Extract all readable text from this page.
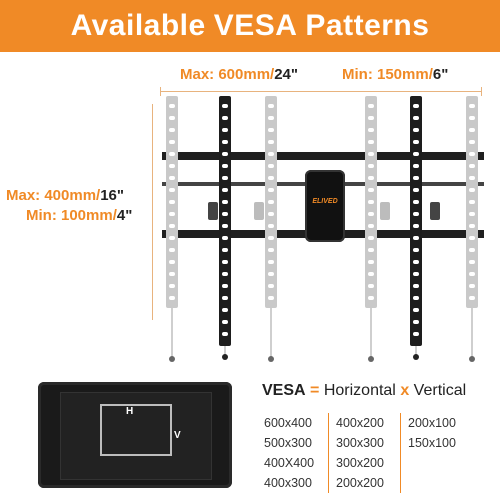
Available VESA Patterns
Max: 600mm/24"	Min: 150mm/6"
Max: 400mm/16"
Min: 100mm/4"
ELIVED
H
V
VESA = Horizontal x Vertical
600x400
500x300
400X400
400x300
400x200
300x300
300x200
200x200
200x100
150x100
